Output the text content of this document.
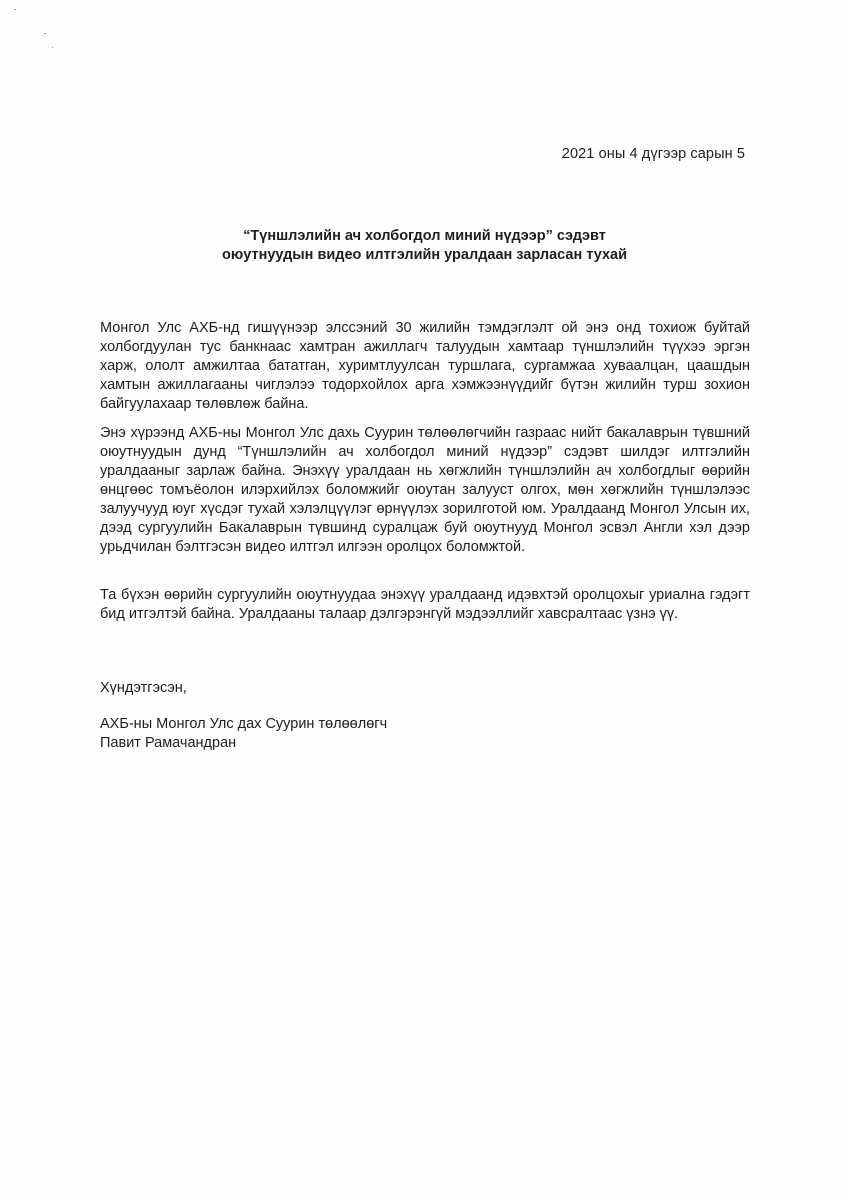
2021 оны 4 дүгээр сарын 5
“Түншлэлийн ач холбогдол миний нүдээр” сэдэвт
оюутнуудын видео илтгэлийн уралдаан зарласан тухай

Монгол Улс АХБ-нд гишүүнээр элссэний 30 жилийн тэмдэглэлт ой энэ онд тохиож буйтай холбогдуулан тус банкнаас хамтран ажиллагч талуудын хамтаар түншлэлийн түүхээ эргэн харж, ололт амжилтаа бататган, хуримтлуулсан туршлага, сургамжаа хуваалцан, цаашдын хамтын ажиллагааны чиглэлээ тодорхойлох арга хэмжээнүүдийг бүтэн жилийн турш зохион байгуулахаар төлөвлөж байна.

Энэ хүрээнд АХБ-ны Монгол Улс дахь Суурин төлөөлөгчийн газраас нийт бакалаврын түвшний оюутнуудын дунд “Түншлэлийн ач холбогдол миний нүдээр” сэдэвт шилдэг илтгэлийн уралдааныг зарлаж байна. Энэхүү уралдаан нь хөгжлийн түншлэлийн ач холбогдлыг өөрийн өнцгөөс томъёолон илэрхийлэх боломжийг оюутан залууст олгох, мөн хөгжлийн түншлэлээс залуучууд юуг хүсдэг тухай хэлэлцүүлэг өрнүүлэх зорилготой юм. Уралдаанд Монгол Улсын их, дээд сургуулийн Бакалаврын түвшинд суралцаж буй оюутнууд Монгол эсвэл Англи хэл дээр урьдчилан бэлтгэсэн видео илтгэл илгээн оролцох боломжтой.

Та бүхэн өөрийн сургуулийн оюутнуудаа энэхүү уралдаанд идэвхтэй оролцохыг уриална гэдэгт бид итгэлтэй байна. Уралдааны талаар дэлгэрэнгүй мэдээллийг хавсралтаас үзнэ үү.

Хүндэтгэсэн,
АХБ-ны Монгол Улс дах Суурин төлөөлөгч
Павит Рамачандран
